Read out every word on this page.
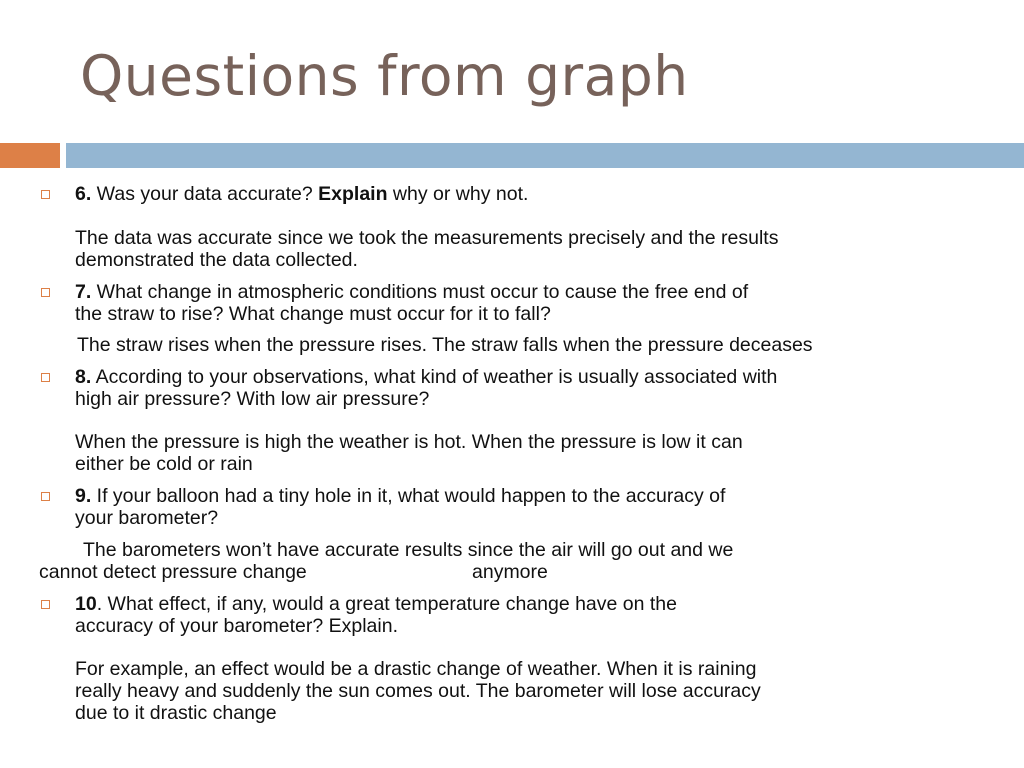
Questions from graph
6. Was your data accurate? Explain why or why not.
The data was accurate since we took the measurements precisely and the results
demonstrated the data collected.
7. What change in atmospheric conditions must occur to cause the free end of
the straw to rise? What change must occur for it to fall?
The straw rises when the pressure rises. The straw falls when the pressure deceases
8. According to your observations, what kind of weather is usually associated with
high air pressure? With low air pressure?
When the pressure is high the weather is hot. When the pressure is low it can
either be cold or rain
9. If your balloon had a tiny hole in it, what would happen to the accuracy of
your barometer?
The barometers won’t have accurate results since the air will go out and we
cannot detect pressure change	anymore
10. What effect, if any, would a great temperature change have on the
accuracy of your barometer? Explain.
For example, an effect would be a drastic change of weather. When it is raining
really heavy and suddenly the sun comes out. The barometer will lose accuracy
due to it drastic change
